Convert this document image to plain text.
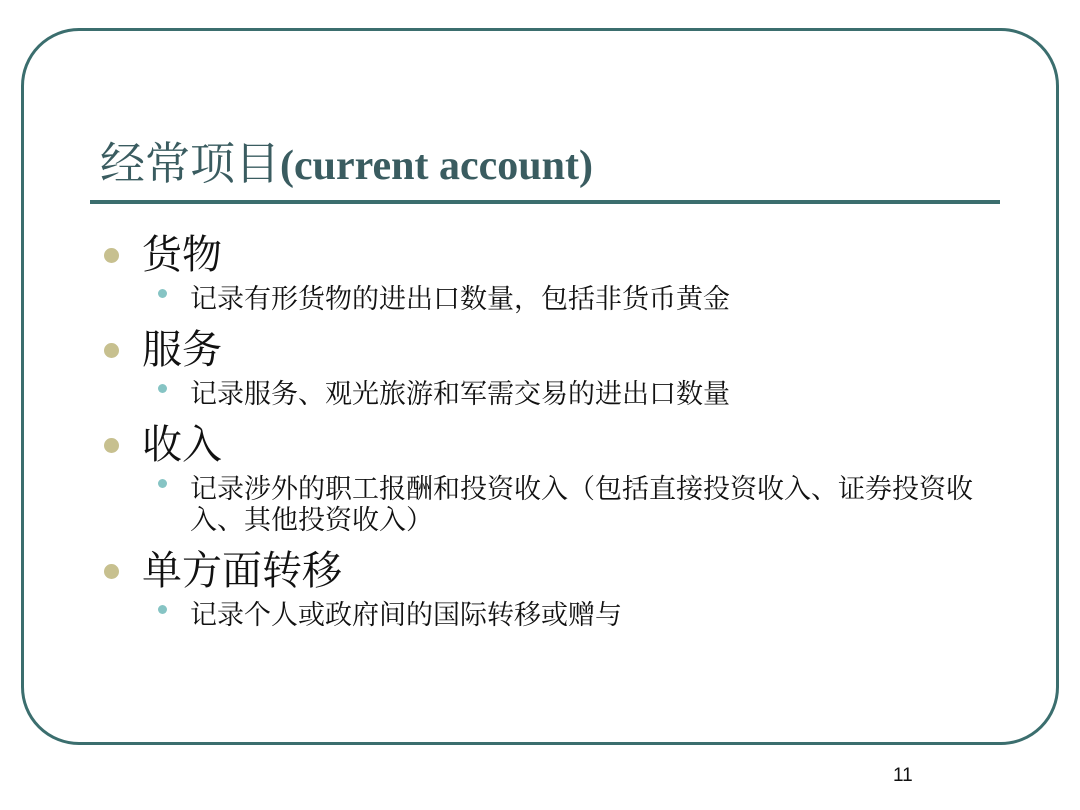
经常项目(current account)

货物

记录有形货物的进出口数量，包括非货币黄金

服务

记录服务、观光旅游和军需交易的进出口数量

收入

记录涉外的职工报酬和投资收入（包括直接投资收入、证券投资收入、其他投资收入）

单方面转移

记录个人或政府间的国际转移或赠与

11
